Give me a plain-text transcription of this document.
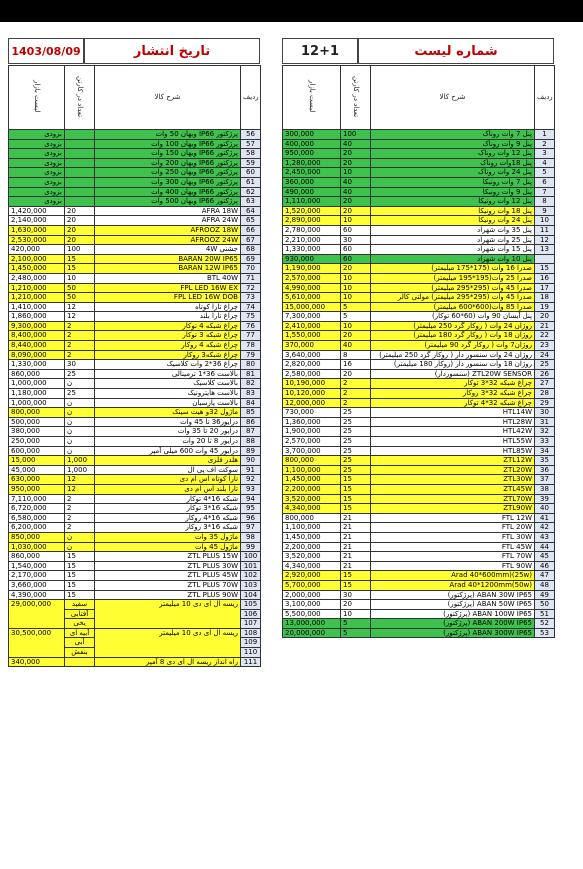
1403/08/09	تاریخ انتشار	12+1	شماره لیست
لیست بازار	تعداد در کارتن	شرح کالا	ردیف
بزودی		پرژکتور IP66 ویهان 50 وات	56
بزودی		پرژکتور IP66 ویهان 100 وات	57
بزودی		پرژکتور IP66 ویهان 150 وات	58
بزودی		پرژکتور IP66 ویهان 200 وات	59
بزودی		پرژکتور IP66 ویهان 250 وات	60
بزودی		پرژکتور IP66 ویهان 300 وات	61
بزودی		پرژکتور IP66 ویهان 400 وات	62
بزودی		پرژکتور IP66 ویهان 500 وات	63
1,420,000	20	AFRA 18W	64
2,140,000	20	AFRA 24W	65
1,630,000	20	AFROOZ 18W	66
2,530,000	20	AFROOZ 24W	67
420,000	100	جشنی 4W	68
2,100,000	15	BARAN 20W IP65	69
1,450,000	15	BARAN 12W IP65	70
2,480,000	10	BTL 40W	71
1,210,000	50	FPL LED 16W EX	72
1,210,000	50	FPL LED 16W DOB	73
1,410,000	12	چراغ تارا کوتاه	74
1,860,000	12	چراغ تارا بلند	75
9,300,000	2	چراغ شبکه 4 توکار	76
8,400,000	2	چراغ شبکه 3 توکار	77
8,440,000	2	چراغ شبکه 4 روکار	78
8,090,000	2	چراغ شبکه3 روکار	79
1,330,000	30	چراغ 36*2 وات کلاسیک	80
860,000	25	بالاست 36*1 ترمینالی	81
1,000,000	ن	بالاست کلاسیک	82
1,180,000	25	بالاست هایترونیک	83
1,000,000	ن	بالاست پارسیان	84
800,000	ن	ماژول 32و هیت سینک	85
500,000	ن	درایور36 تا 45 وات	86
380,000	ن	درایور 20 تا 35 وات	87
250,000	ن	درایور 8 تا 20 وات	88
600,000	ن	درایور 45 وات 600 میلی آمپر	89
15,000	1,000	هلدر فلزی	90
45,000	1,000	سوکت اف پی ال	91
630,000	12	تارا کوتاه اس ام دی	92
950,000	12	تارا بلند اس ام دی	93
7,110,000	2	شبکه 16*4 توکار	94
6,720,000	2	شبکه 16*3 توکار	95
6,580,000	2	شبکه 16*4 روکار	96
6,200,000	2	شبکه 16*3 روکار	97
850,000	ن	ماژول 35 وات	98
1,030,000	ن	ماژول 45 وات	99
860,000	15	ZTL PLUS 15W	100
1,540,000	15	ZTL PLUS 30W	101
2,170,000	15	ZTL PLUS 45W	102
3,660,000	15	ZTL PLUS 70W	103
4,390,000	15	ZTL PLUS 90W	104
29,000,000	سفید	ریسه ال ای دی 10 میلیمتر	105
	آفتابی		106
	یخی		107
30,500,000	آبیه ای	ریسه ال ای دی 10 میلیمتر	108
	آبی		109
	بنفش		110
340,000		راه انداز ریسه ال ای دی 8 آمپر	111
لیست بازار	تعداد در کارتن	شرح کالا	ردیف
300,000	100	پنل 7 وات روناک	1
400,000	40	پنل 9 وات روناک	2
950,000	20	پنل 12 وات روناک	3
1,280,000	20	پنل 18وات روناک	4
2,450,000	10	پنل 24 وات روناک	5
360,000	40	پنل 7 وات رونیکا	6
490,000	40	پنل 9 وات رونیکا	7
1,110,000	20	پنل 12 وات رونیکا	8
1,520,000	20	پنل 18 وات رونیکا	9
2,890,000	10	پنل 24 وات رونیکا	10
2,780,000	60	پنل 35 وات شهراد	11
2,210,000	30	پنل 25 وات شهراد	12
1,330,000	60	پنل 15 وات شهراد	13
930,000	60	پنل 10 وات شهراد	
1,190,000	20	صدرا 16 وات (175*175 میلیمتر)	15
2,570,000	10	صدرا 25 وات(195*195 میلیمتر)	16
4,990,000	10	صدرا 45 وات (295*295 میلیمتر)	17
5,610,000	10	صدرا 45 وات (295*295 میلیمتر) مولتی کالر	18
15,000,000	5	صدرا 85 وات(600*600 میلیمتر)	19
7,300,000	5	پنل آیسان 90 وات (60*60 توکار)	20
2,410,000	10	روژان 24 وات ( روکار گرد 250 میلیمتر)	21
1,550,000	20	روژان 18 وات ( روکار گرد 180 میلیمتر)	22
370,000	40	روژان7 وات ( روکار گرد 90 میلیمتر)	23
3,640,000	8	روژان 24 وات سنسور دار ( روکار گرد 250 میلیمتر)	24
2,820,000	16	روژان 18 وات سنسور دار (روکار 180 میلیمتر)	25
2,580,000	20	ZTL20W SENSOR (سنسوردار)	26
10,190,000	2	چراغ شبکه 32*3 توکار	27
10,120,000	2	چراغ شبکه 32*3 روکار	28
12,000,000	2	چراغ شبکه 32*4 توکار	29
730,000	25	HTL14W	30
1,360,000	25	HTL28W	31
1,900,000	25	HTL42W	32
2,570,000	25	HTL55W	33
3,700,000	25	HTL85W	34
800,000	25	ZTL12W	35
1,100,000	25	ZTL20W	36
1,450,000	15	ZTL30W	37
2,200,000	15	ZTL45W	38
3,520,000	15	ZTL70W	39
4,340,000	15	ZTL90W	40
800,000	21	FTL 12W	41
1,100,000	21	FTL 20W	42
1,450,000	21	FTL 30W	43
2,200,000	21	FTL 45W	44
3,520,000	21	FTL 70W	45
4,340,000	21	FTL 90W	46
2,920,000	15	Arad 40*600mm)(25w)	47
5,700,000	15	Arad 40*1200mm(50w)	48
2,000,000	30	ABAN 30W IP65 (پرژکتور)	49
3,100,000	20	ABAN 50W IP65 (پرژکتور)	50
5,500,000	10	ABAN 100W IP65 (پرژکتور)	51
13,000,000	5	ABAN 200W IP65 (پرژکتور)	52
20,000,000	5	ABAN 300W IP65 (پرژکتور)	53
